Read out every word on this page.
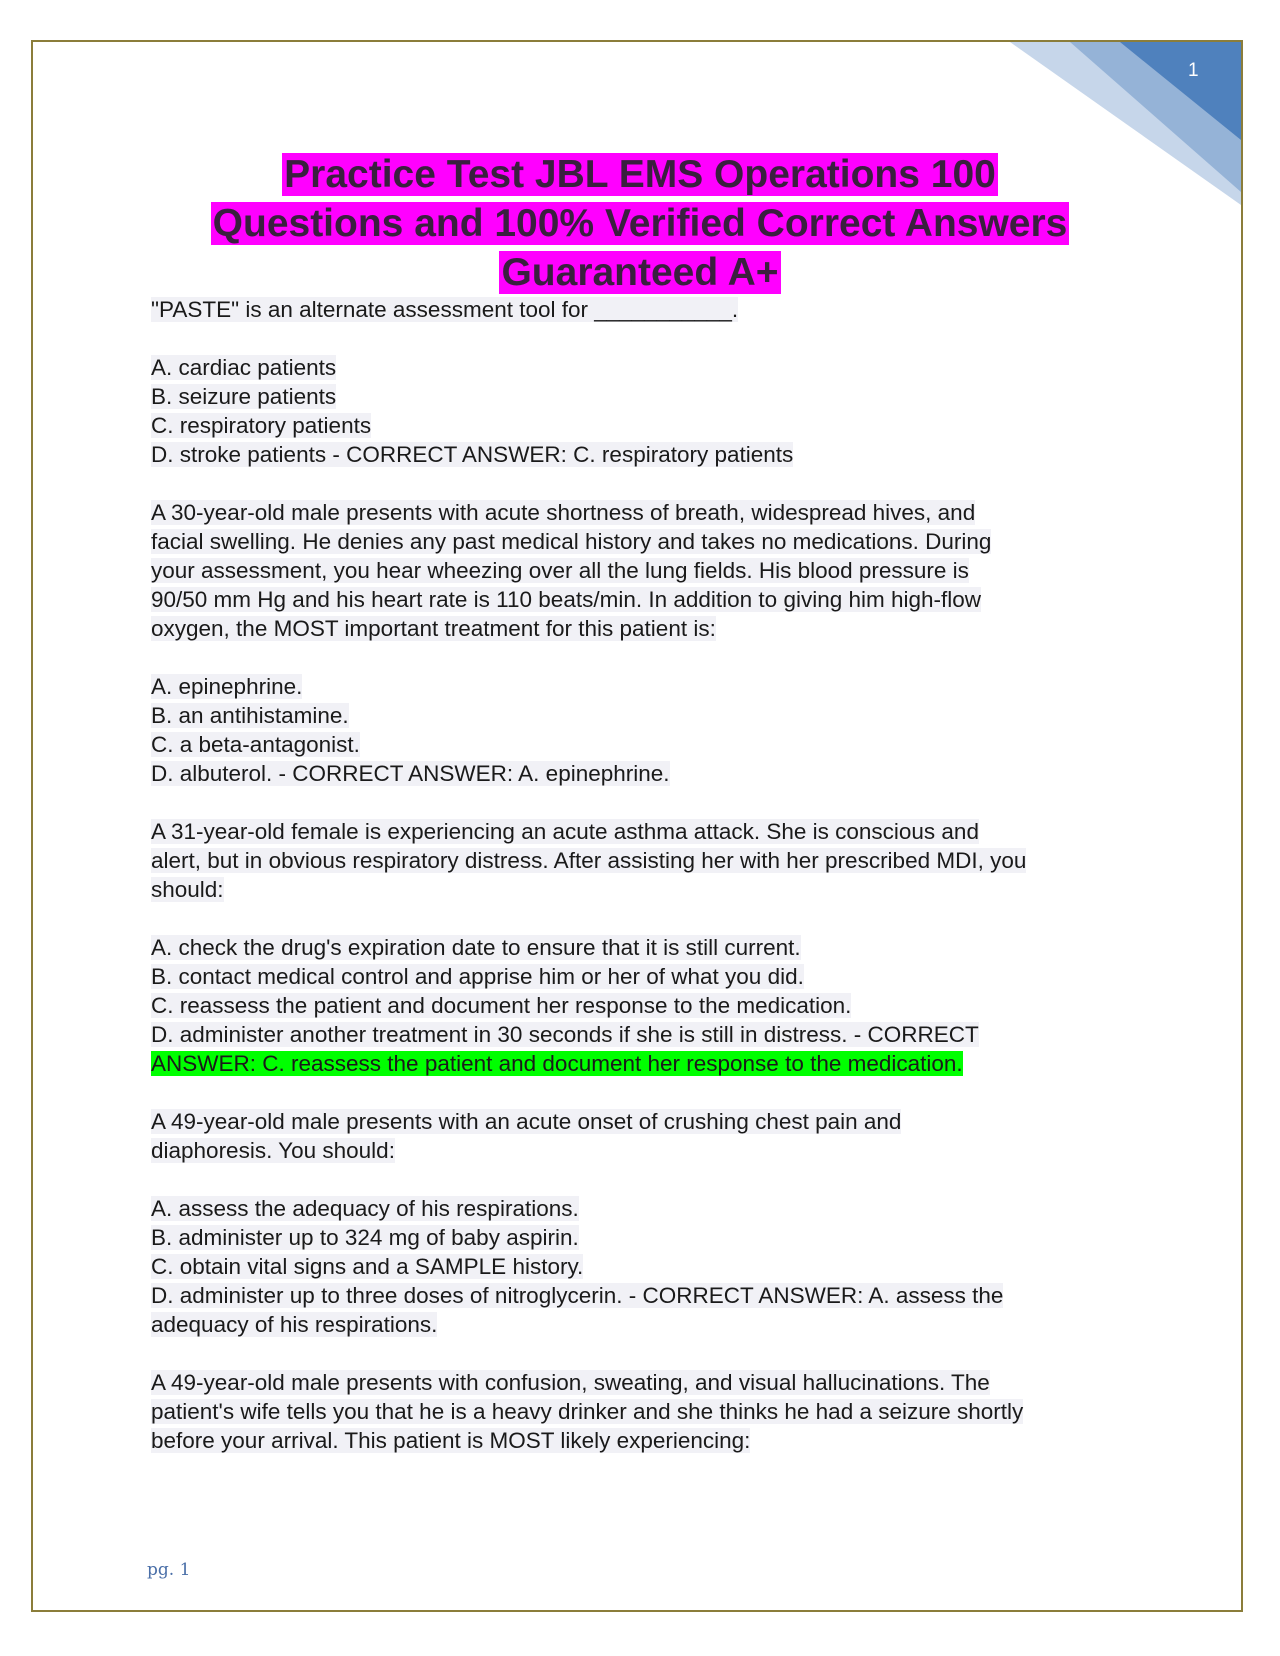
1

Practice Test JBL EMS Operations 100

Questions and 100% Verified Correct Answers

Guaranteed A+

"PASTE" is an alternate assessment tool for ___________.

A. cardiac patients

B. seizure patients

C. respiratory patients

D. stroke patients - CORRECT ANSWER: C. respiratory patients

A 30-year-old male presents with acute shortness of breath, widespread hives, and

facial swelling. He denies any past medical history and takes no medications. During

your assessment, you hear wheezing over all the lung fields. His blood pressure is

90/50 mm Hg and his heart rate is 110 beats/min. In addition to giving him high-flow

oxygen, the MOST important treatment for this patient is:

A. epinephrine.

B. an antihistamine.

C. a beta-antagonist.

D. albuterol. - CORRECT ANSWER: A. epinephrine.

A 31-year-old female is experiencing an acute asthma attack. She is conscious and

alert, but in obvious respiratory distress. After assisting her with her prescribed MDI, you

should:

A. check the drug's expiration date to ensure that it is still current.

B. contact medical control and apprise him or her of what you did.

C. reassess the patient and document her response to the medication.

D. administer another treatment in 30 seconds if she is still in distress. - CORRECT

ANSWER: C. reassess the patient and document her response to the medication.

A 49-year-old male presents with an acute onset of crushing chest pain and

diaphoresis. You should:

A. assess the adequacy of his respirations.

B. administer up to 324 mg of baby aspirin.

C. obtain vital signs and a SAMPLE history.

D. administer up to three doses of nitroglycerin. - CORRECT ANSWER: A. assess the

adequacy of his respirations.

A 49-year-old male presents with confusion, sweating, and visual hallucinations. The

patient's wife tells you that he is a heavy drinker and she thinks he had a seizure shortly

before your arrival. This patient is MOST likely experiencing:

pg. 1
